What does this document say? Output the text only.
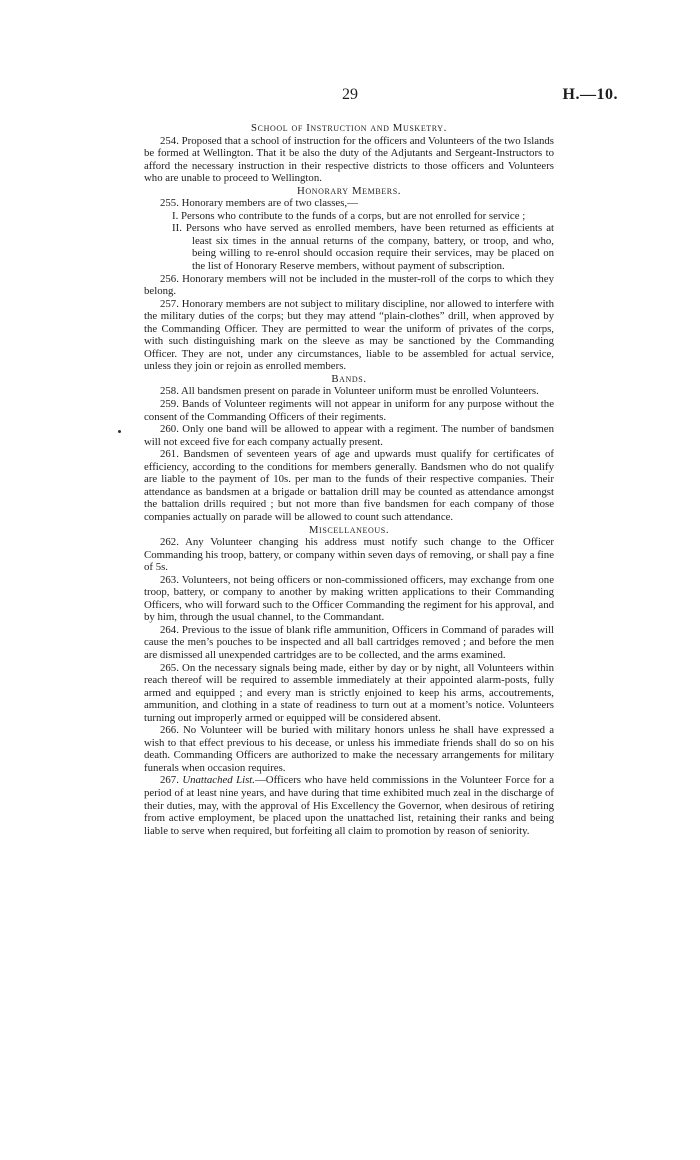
29	H.—10.

School of Instruction and Musketry.

254. Proposed that a school of instruction for the officers and Volunteers of the two Islands be formed at Wellington. That it be also the duty of the Adjutants and Sergeant-Instructors to afford the necessary instruction in their respective districts to those officers and Volunteers who are unable to proceed to Wellington.

Honorary Members.

255. Honorary members are of two classes,—

I. Persons who contribute to the funds of a corps, but are not enrolled for service ;

II. Persons who have served as enrolled members, have been returned as efficients at least six times in the annual returns of the company, battery, or troop, and who, being willing to re-enrol should occasion require their services, may be placed on the list of Honorary Reserve members, without payment of subscription.

256. Honorary members will not be included in the muster-roll of the corps to which they belong.

257. Honorary members are not subject to military discipline, nor allowed to interfere with the military duties of the corps; but they may attend “plain-clothes” drill, when approved by the Commanding Officer. They are permitted to wear the uniform of privates of the corps, with such distinguishing mark on the sleeve as may be sanctioned by the Commanding Officer. They are not, under any circumstances, liable to be assembled for actual service, unless they join or rejoin as enrolled members.

Bands.

258. All bandsmen present on parade in Volunteer uniform must be enrolled Volunteers.

259. Bands of Volunteer regiments will not appear in uniform for any purpose without the consent of the Commanding Officers of their regiments.

260. Only one band will be allowed to appear with a regiment. The number of bandsmen will not exceed five for each company actually present.

261. Bandsmen of seventeen years of age and upwards must qualify for certificates of efficiency, according to the conditions for members generally. Bandsmen who do not qualify are liable to the payment of 10s. per man to the funds of their respective companies. Their attendance as bandsmen at a brigade or battalion drill may be counted as attendance amongst the battalion drills required ; but not more than five bandsmen for each company of those companies actually on parade will be allowed to count such attendance.

Miscellaneous.

262. Any Volunteer changing his address must notify such change to the Officer Commanding his troop, battery, or company within seven days of removing, or shall pay a fine of 5s.

263. Volunteers, not being officers or non-commissioned officers, may exchange from one troop, battery, or company to another by making written applications to their Commanding Officers, who will forward such to the Officer Commanding the regiment for his approval, and by him, through the usual channel, to the Commandant.

264. Previous to the issue of blank rifle ammunition, Officers in Command of parades will cause the men’s pouches to be inspected and all ball cartridges removed ; and before the men are dismissed all unexpended cartridges are to be collected, and the arms examined.

265. On the necessary signals being made, either by day or by night, all Volunteers within reach thereof will be required to assemble immediately at their appointed alarm-posts, fully armed and equipped ; and every man is strictly enjoined to keep his arms, accoutrements, ammunition, and clothing in a state of readiness to turn out at a moment’s notice. Volunteers turning out improperly armed or equipped will be considered absent.

266. No Volunteer will be buried with military honors unless he shall have expressed a wish to that effect previous to his decease, or unless his immediate friends shall do so on his death. Commanding Officers are authorized to make the necessary arrangements for military funerals when occasion requires.

267. Unattached List.—Officers who have held commissions in the Volunteer Force for a period of at least nine years, and have during that time exhibited much zeal in the discharge of their duties, may, with the approval of His Excellency the Governor, when desirous of retiring from active employment, be placed upon the unattached list, retaining their ranks and being liable to serve when required, but forfeiting all claim to promotion by reason of seniority.
